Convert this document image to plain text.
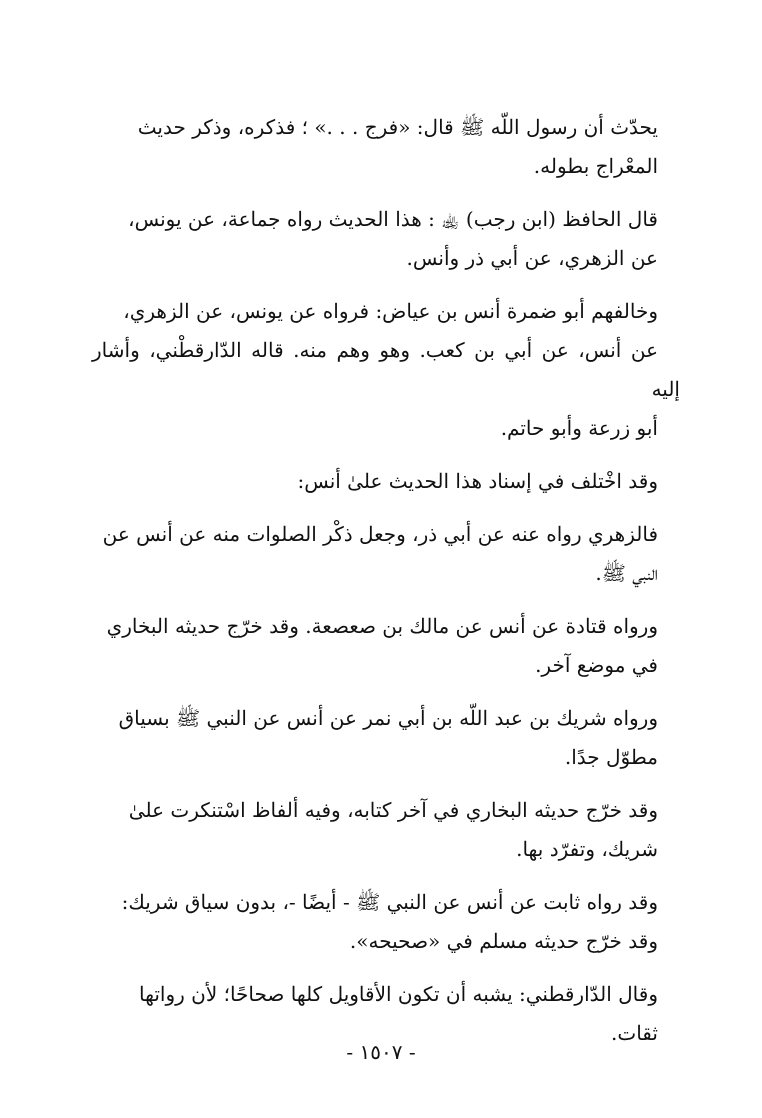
يحدّث أن رسول اللّه ﷺ قال: «فرج . . .» ؛ فذكره، وذكر حديث
المعْراج بطوله.

قال الحافظ (ابن رجب) ﵀ : هذا الحديث رواه جماعة، عن يونس،
عن الزهري، عن أبي ذر وأنس.

وخالفهم أبو ضمرة أنس بن عياض: فرواه عن يونس، عن الزهري،
عن أنس، عن أبي بن كعب. وهو وهم منه. قاله الدّارقطْني، وأشار إليه
أبو زرعة وأبو حاتم.

وقد اخْتلف في إسناد هذا الحديث علىٰ أنس:

فالزهري رواه عنه عن أبي ذر، وجعل ذكْر الصلوات منه عن أنس عن
النبي ﷺ.

ورواه قتادة عن أنس عن مالك بن صعصعة. وقد خرّج حديثه البخاري
في موضع آخر.

ورواه شريك بن عبد اللّه بن أبي نمر عن أنس عن النبي ﷺ بسياق
مطوّل جدًا.

وقد خرّج حديثه البخاري في آخر كتابه، وفيه ألفاظ اسْتنكرت علىٰ
شريك، وتفرّد بها.

وقد رواه ثابت عن أنس عن النبي ﷺ - أيضًا -، بدون سياق شريك:

وقد خرّج حديثه مسلم في «صحيحه».

وقال الدّارقطني: يشبه أن تكون الأقاويل كلها صحاحًا؛ لأن رواتها
ثقات.

- ١٥٠٧ -
